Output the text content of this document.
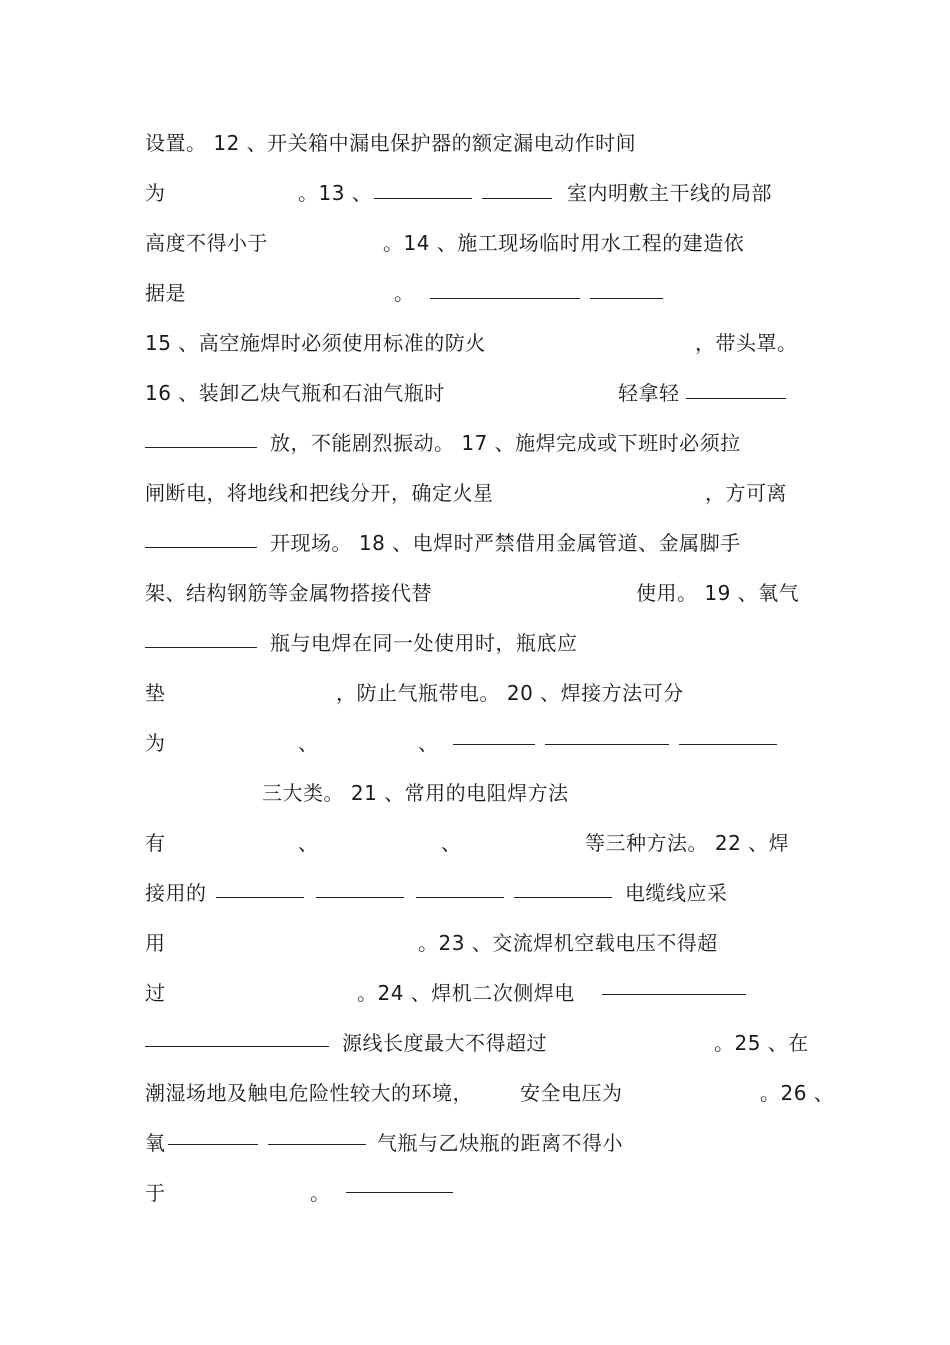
设置。 12 、开关箱中漏电保护器的额定漏电动作时间
为	。13 、	室内明敷主干线的局部
高度不得小于	。14 、施工现场临时用水工程的建造依
据是	。
15 、高空施焊时必须使用标准的防火	，带头罩。
16 、装卸乙炔气瓶和石油气瓶时	轻拿轻
放，不能剧烈振动。 17 、施焊完成或下班时必须拉
闸断电，将地线和把线分开，确定火星	，方可离
开现场。 18 、电焊时严禁借用金属管道、金属脚手
架、结构钢筋等金属物搭接代替	使用。 19 、氧气
瓶与电焊在同一处使用时，瓶底应
垫	，防止气瓶带电。 20 、焊接方法可分
为	、	、
三大类。 21 、常用的电阻焊方法
有	、	、	等三种方法。 22 、焊
接用的	电缆线应采
用	。23 、交流焊机空载电压不得超
过	。24 、焊机二次侧焊电
源线长度最大不得超过	。25 、在
潮湿场地及触电危险性较大的环境， 安全电压为	。26 、
氧	气瓶与乙炔瓶的距离不得小
于	。
